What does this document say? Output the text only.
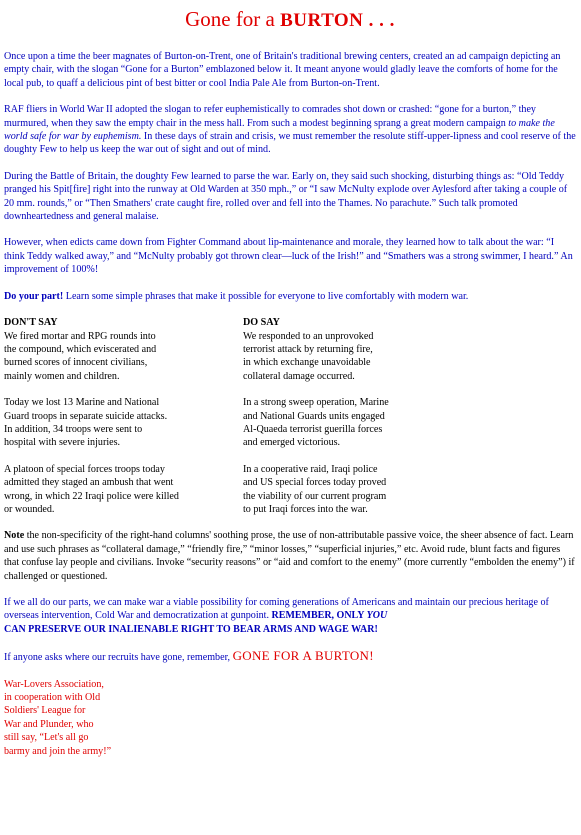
Gone for a BURTON . . .

Once upon a time the beer magnates of Burton-on-Trent, one of Britain's traditional brewing centers, created an ad campaign depicting an empty chair, with the slogan “Gone for a Burton” emblazoned below it. It meant anyone would gladly leave the comforts of home for the local pub, to quaff a delicious pint of best bitter or cool India Pale Ale from Burton-on-Trent.

RAF fliers in World War II adopted the slogan to refer euphemistically to comrades shot down or crashed: “gone for a burton,” they murmured, when they saw the empty chair in the mess hall. From such a modest beginning sprang a great modern campaign to make the world safe for war by euphemism. In these days of strain and crisis, we must remember the resolute stiff-upper-lipness and cool reserve of the doughty Few to help us keep the war out of sight and out of mind.

During the Battle of Britain, the doughty Few learned to parse the war. Early on, they said such shocking, disturbing things as: “Old Teddy pranged his Spit[fire] right into the runway at Old Warden at 350 mph.,” or “I saw McNulty explode over Aylesford after taking a couple of 20 mm. rounds,” or “Then Smathers' crate caught fire, rolled over and fell into the Thames. No parachute.” Such talk promoted downheartedness and general malaise.

However, when edicts came down from Fighter Command about lip-maintenance and morale, they learned how to talk about the war: “I think Teddy walked away,” and “McNulty probably got thrown clear—luck of the Irish!” and “Smathers was a strong swimmer, I heard.” An improvement of 100%!

Do your part! Learn some simple phrases that make it possible for everyone to live comfortably with modern war.

DON'T SAY	DO SAY
We fired mortar and RPG rounds into
the compound, which eviscerated and
burned scores of innocent civilians,
mainly women and children.
We responded to an unprovoked
terrorist attack by returning fire,
in which exchange unavoidable
collateral damage occurred.
Today we lost 13 Marine and National
Guard troops in separate suicide attacks.
In addition, 34 troops were sent to
hospital with severe injuries.
In a strong sweep operation, Marine
and National Guards units engaged
Al-Quaeda terrorist guerilla forces
and emerged victorious.
A platoon of special forces troops today
admitted they staged an ambush that went
wrong, in which 22 Iraqi police were killed
or wounded.
In a cooperative raid, Iraqi police
and US special forces today proved
the viability of our current program
to put Iraqi forces into the war.

Note the non-specificity of the right-hand columns' soothing prose, the use of non-attributable passive voice, the sheer absence of fact. Learn and use such phrases as “collateral damage,” “friendly fire,” “minor losses,” “superficial injuries,” etc. Avoid rude, blunt facts and figures that confuse lay people and civilians. Invoke “security reasons” or “aid and comfort to the enemy” (more currently “embolden the enemy”) if challenged or questioned.

If we all do our parts, we can make war a viable possibility for coming generations of Americans and maintain our precious heritage of overseas intervention, Cold War and democratization at gunpoint. REMEMBER, ONLY YOU
CAN PRESERVE OUR INALIENABLE RIGHT TO BEAR ARMS AND WAGE WAR!

If anyone asks where our recruits have gone, remember, GONE FOR A BURTON!

War-Lovers Association,
in cooperation with Old
Soldiers' League for
War and Plunder, who
still say, “Let's all go
barmy and join the army!”
